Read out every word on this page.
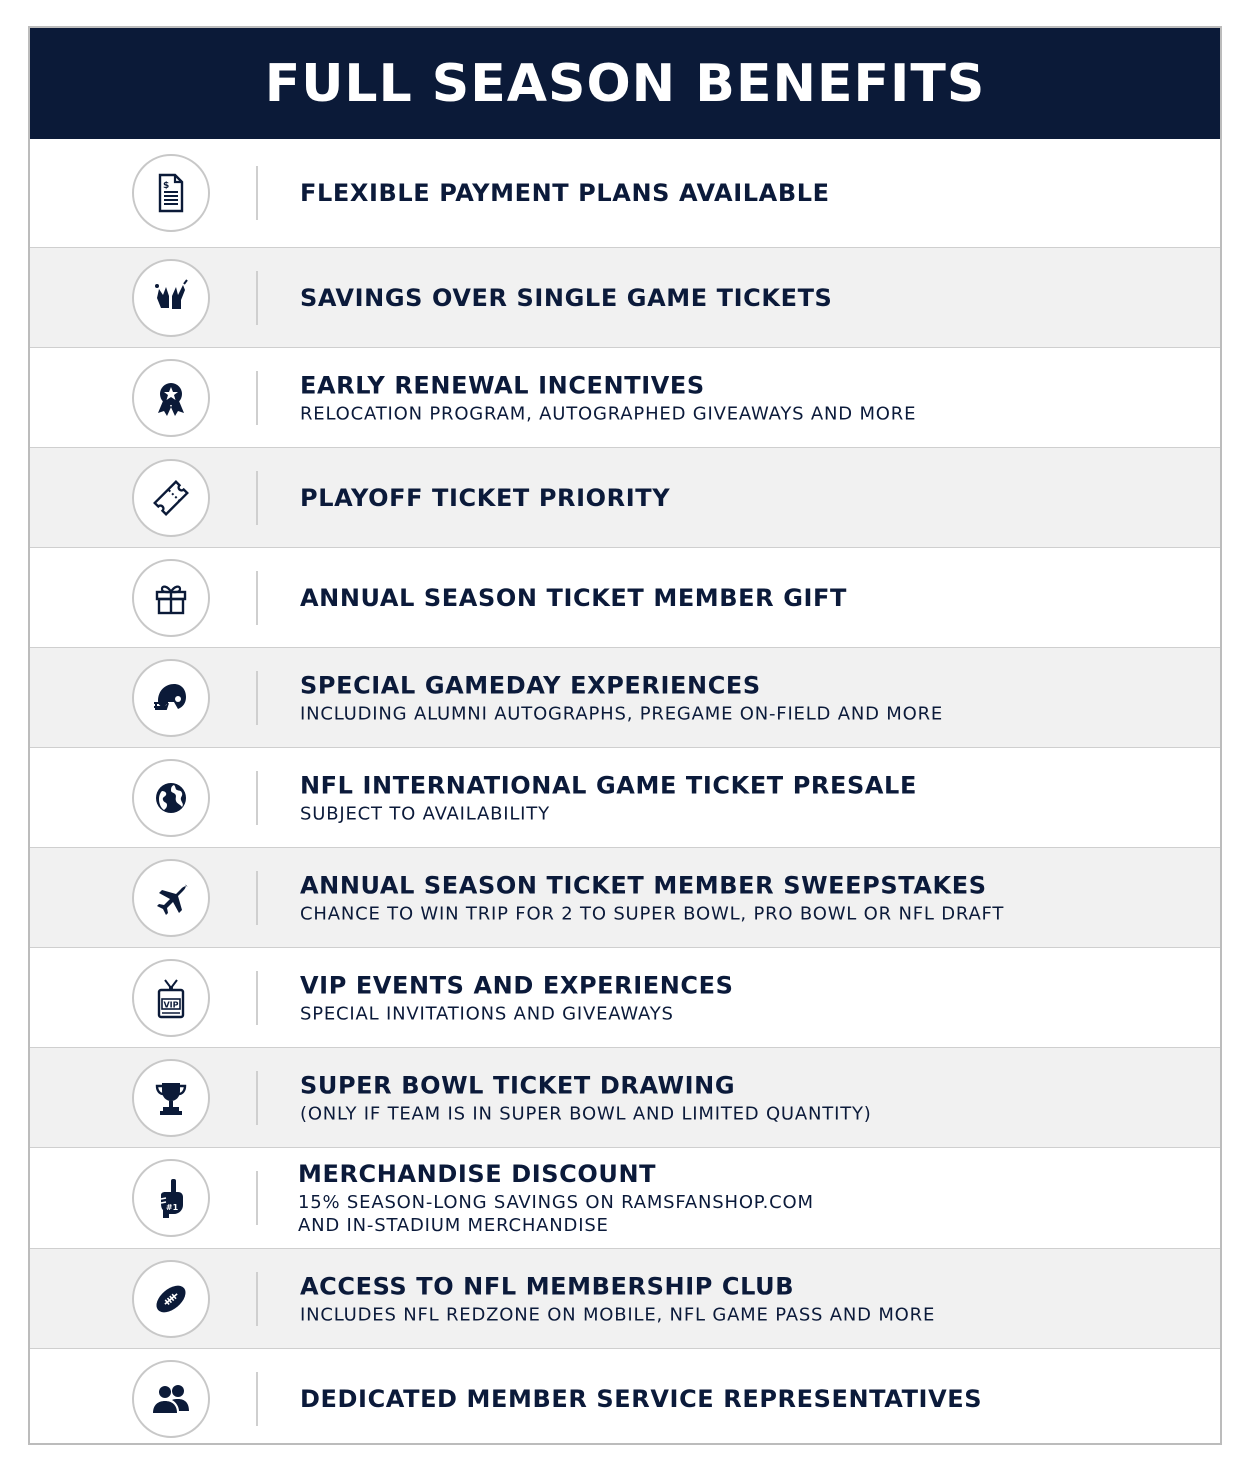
FULL SEASON BENEFITS
$	FLEXIBLE PAYMENT PLANS AVAILABLE
SAVINGS OVER SINGLE GAME TICKETS
EARLY RENEWAL INCENTIVES
RELOCATION PROGRAM, AUTOGRAPHED GIVEAWAYS AND MORE
PLAYOFF TICKET PRIORITY
ANNUAL SEASON TICKET MEMBER GIFT
SPECIAL GAMEDAY EXPERIENCES
INCLUDING ALUMNI AUTOGRAPHS, PREGAME ON-FIELD AND MORE
NFL INTERNATIONAL GAME TICKET PRESALE
SUBJECT TO AVAILABILITY
ANNUAL SEASON TICKET MEMBER SWEEPSTAKES
CHANCE TO WIN TRIP FOR 2 TO SUPER BOWL, PRO BOWL OR NFL DRAFT
VIP
VIP EVENTS AND EXPERIENCES
SPECIAL INVITATIONS AND GIVEAWAYS
SUPER BOWL TICKET DRAWING
(ONLY IF TEAM IS IN SUPER BOWL AND LIMITED QUANTITY)
#1
MERCHANDISE DISCOUNT
15% SEASON-LONG SAVINGS ON RAMSFANSHOP.COM
AND IN-STADIUM MERCHANDISE
ACCESS TO NFL MEMBERSHIP CLUB
INCLUDES NFL REDZONE ON MOBILE, NFL GAME PASS AND MORE
DEDICATED MEMBER SERVICE REPRESENTATIVES
